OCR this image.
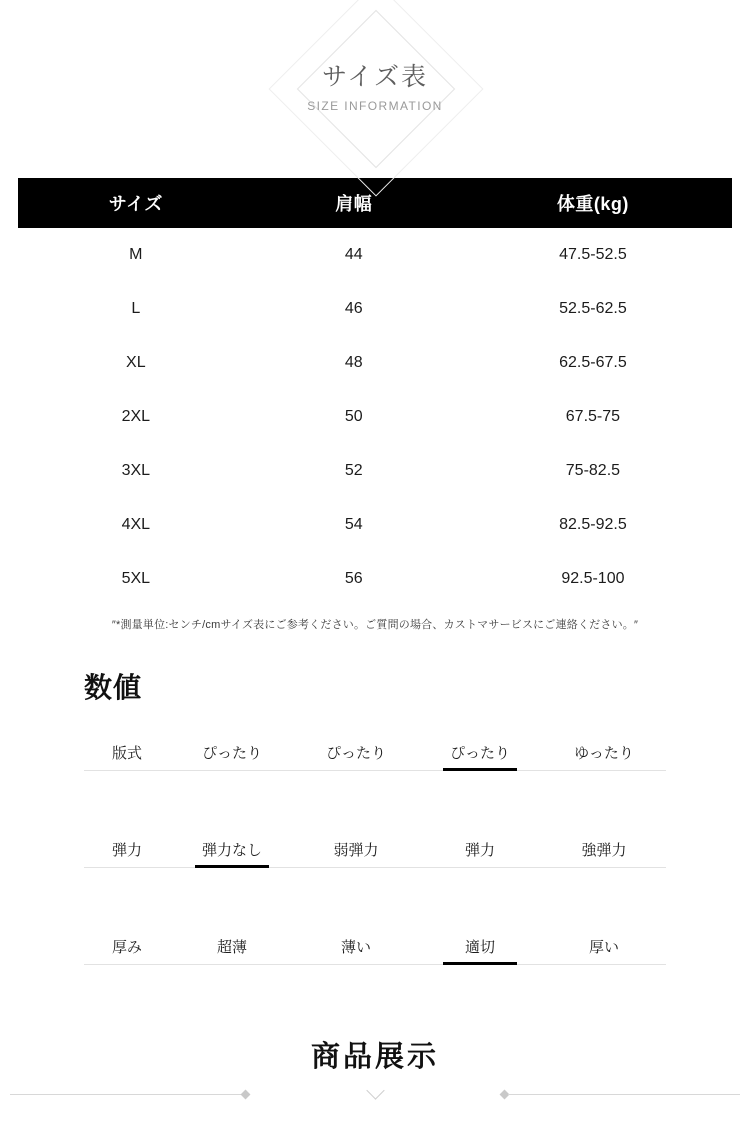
サイズ表
SIZE INFORMATION
サイズ	肩幅	体重(kg)
M	44	47.5-52.5
L	46	52.5-62.5
XL	48	62.5-67.5
2XL	50	67.5-75
3XL	52	75-82.5
4XL	54	82.5-92.5
5XL	56	92.5-100
″*測量単位:センチ/cmサイズ表にご参考ください。ご質問の場合、カストマサービスにご連絡ください。″
数値
版式	ぴったり	ぴったり	ぴったり	ゆったり
弾力	弾力なし	弱弾力	弾力	強弾力
厚み	超薄	薄い	適切	厚い
商品展示
